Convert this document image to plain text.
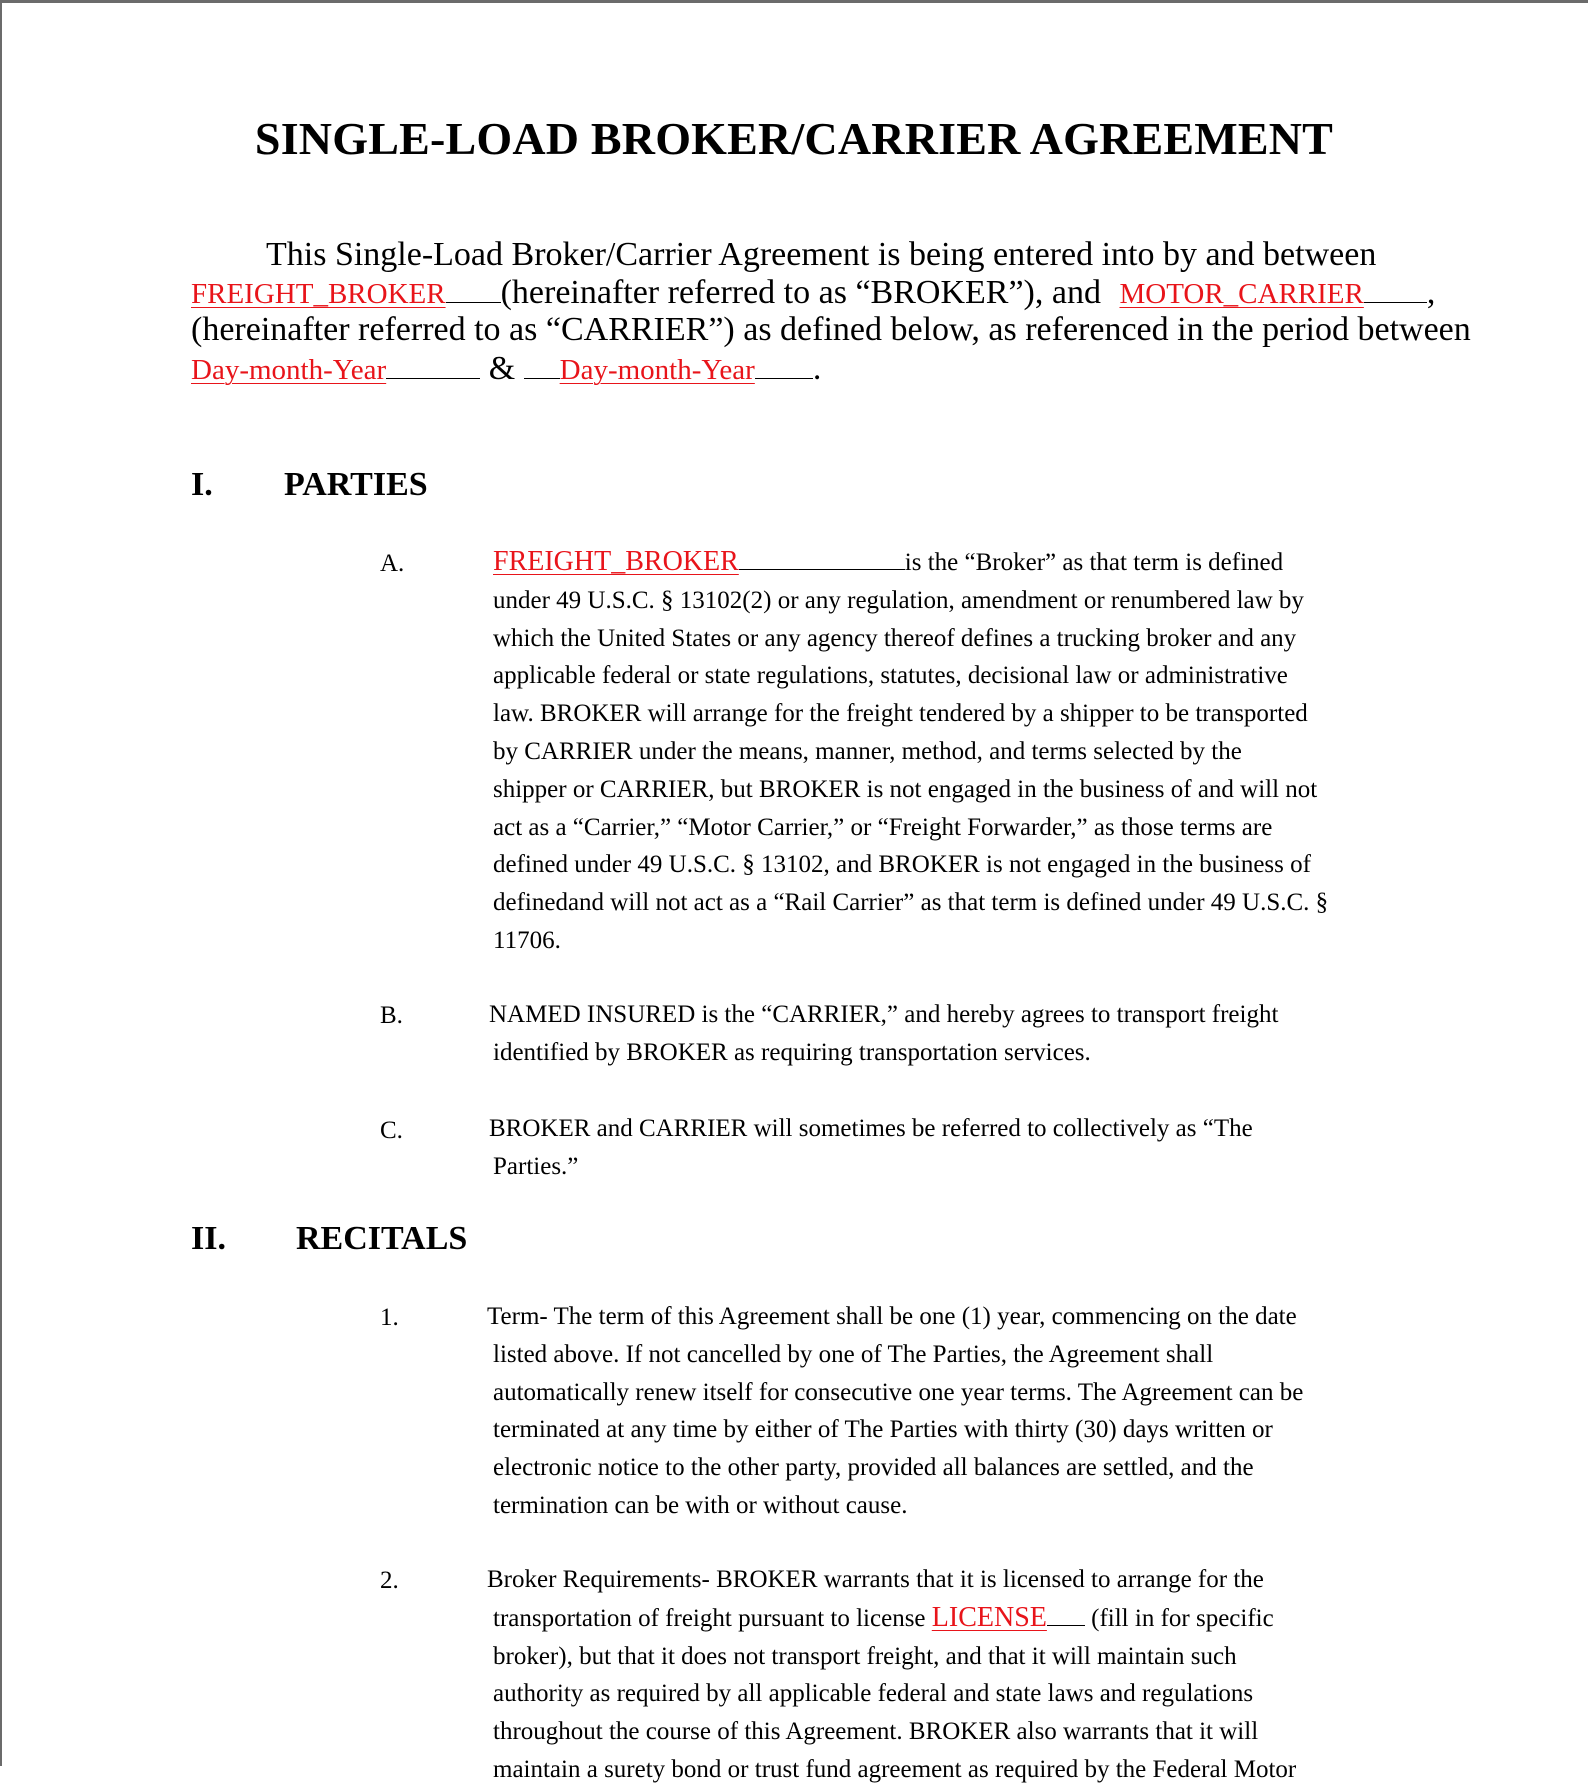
SINGLE-LOAD BROKER/CARRIER AGREEMENT
This Single-Load Broker/Carrier Agreement is being entered into by and between
FREIGHT_BROKER (hereinafter referred to as “BROKER”), and MOTOR_CARRIER ,
(hereinafter referred to as “CARRIER”) as defined below, as referenced in the period between
Day-month-Year	& Day-month-Year .
I. PARTIES
A.	FREIGHT_BROKER	is the “Broker” as that term is defined
under 49 U.S.C. § 13102(2) or any regulation, amendment or renumbered law by
which the United States or any agency thereof defines a trucking broker and any
applicable federal or state regulations, statutes, decisional law or administrative
law. BROKER will arrange for the freight tendered by a shipper to be transported
by CARRIER under the means, manner, method, and terms selected by the
shipper or CARRIER, but BROKER is not engaged in the business of and will not
act as a “Carrier,” “Motor Carrier,” or “Freight Forwarder,” as those terms are
defined under 49 U.S.C. § 13102, and BROKER is not engaged in the business of
definedand will not act as a “Rail Carrier” as that term is defined under 49 U.S.C. §
11706.
B.	NAMED INSURED is the “CARRIER,” and hereby agrees to transport freight
identified by BROKER as requiring transportation services.
C.	BROKER and CARRIER will sometimes be referred to collectively as “The
Parties.”
II. RECITALS
1.	Term- The term of this Agreement shall be one (1) year, commencing on the date
listed above. If not cancelled by one of The Parties, the Agreement shall
automatically renew itself for consecutive one year terms. The Agreement can be
terminated at any time by either of The Parties with thirty (30) days written or
electronic notice to the other party, provided all balances are settled, and the
termination can be with or without cause.
2.	Broker Requirements- BROKER warrants that it is licensed to arrange for the
transportation of freight pursuant to license LICENSE (fill in for specific
broker), but that it does not transport freight, and that it will maintain such
authority as required by all applicable federal and state laws and regulations
throughout the course of this Agreement. BROKER also warrants that it will
maintain a surety bond or trust fund agreement as required by the Federal Motor
